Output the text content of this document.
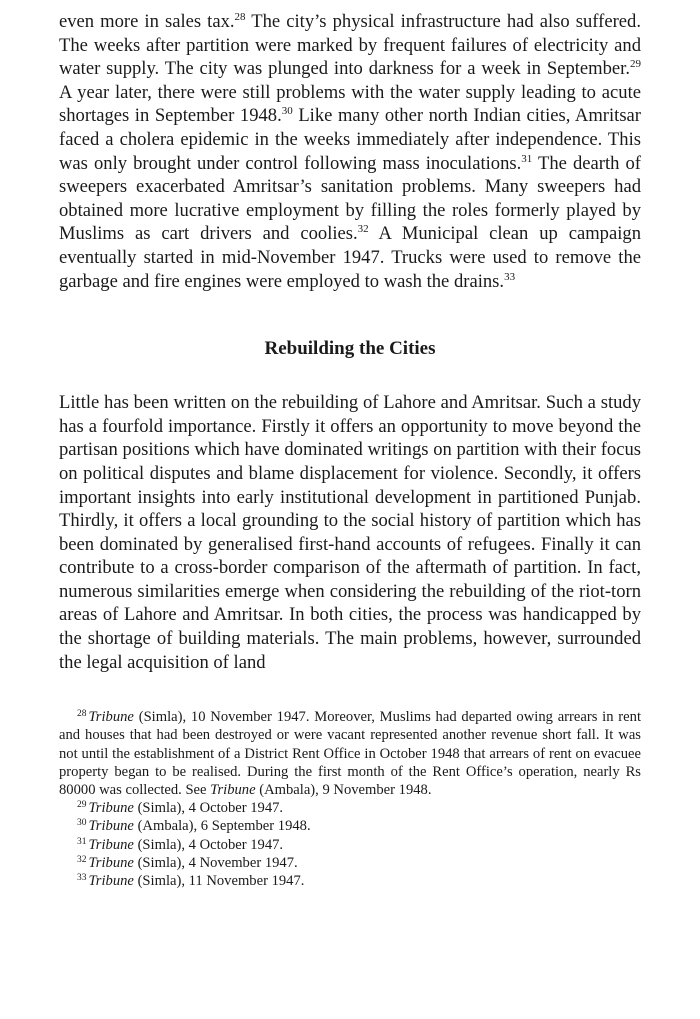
even more in sales tax.$^{28}$ The city’s physical infrastructure had also suffered. The weeks after partition were marked by frequent failures of electricity and water supply. The city was plunged into darkness for a week in September.$^{29}$ A year later, there were still problems with the water supply leading to acute shortages in September 1948.30 Like many other north Indian cities, Amritsar faced a cholera epidemic in the weeks immediately after independence. This was only brought under control following mass inoculations.$^{31}$ The dearth of sweepers exacerbated Amritsar’s sanitation problems. Many sweepers had obtained more lucrative employment by filling the roles formerly played by Muslims as cart drivers and coolies.$^{32}$ A Municipal clean up campaign eventually started in mid-November 1947. Trucks were used to remove the garbage and fire engines were employed to wash the drains.$^{33}$

Rebuilding the Cities

Little has been written on the rebuilding of Lahore and Amritsar. Such a study has a fourfold importance. Firstly it offers an opportunity to move beyond the partisan positions which have dominated writings on partition with their focus on political disputes and blame displacement for violence. Secondly, it offers important insights into early institutional development in partitioned Punjab. Thirdly, it offers a local grounding to the social history of partition which has been dominated by generalised first-hand accounts of refugees. Finally it can contribute to a cross-border comparison of the aftermath of partition. In fact, numerous similarities emerge when considering the rebuilding of the riot-torn areas of Lahore and Amritsar. In both cities, the process was handicapped by the shortage of building materials. The main problems, however, surrounded the legal acquisition of land

$^{28}$ Tribune (Simla), 10 November 1947. Moreover, Muslims had departed owing arrears in rent and houses that had been destroyed or were vacant represented another revenue short fall. It was not until the establishment of a District Rent Office in October 1948 that arrears of rent on evacuee property began to be realised. During the first month of the Rent Office’s operation, nearly Rs 80000 was collected. See Tribune (Ambala), 9 November 1948.

$^{29}$ Tribune (Simla), 4 October 1947.

$^{30}$ Tribune (Ambala), 6 September 1948.

$^{31}$ Tribune (Simla), 4 October 1947.

$^{32}$ Tribune (Simla), 4 November 1947.

$^{33}$ Tribune (Simla), 11 November 1947.
